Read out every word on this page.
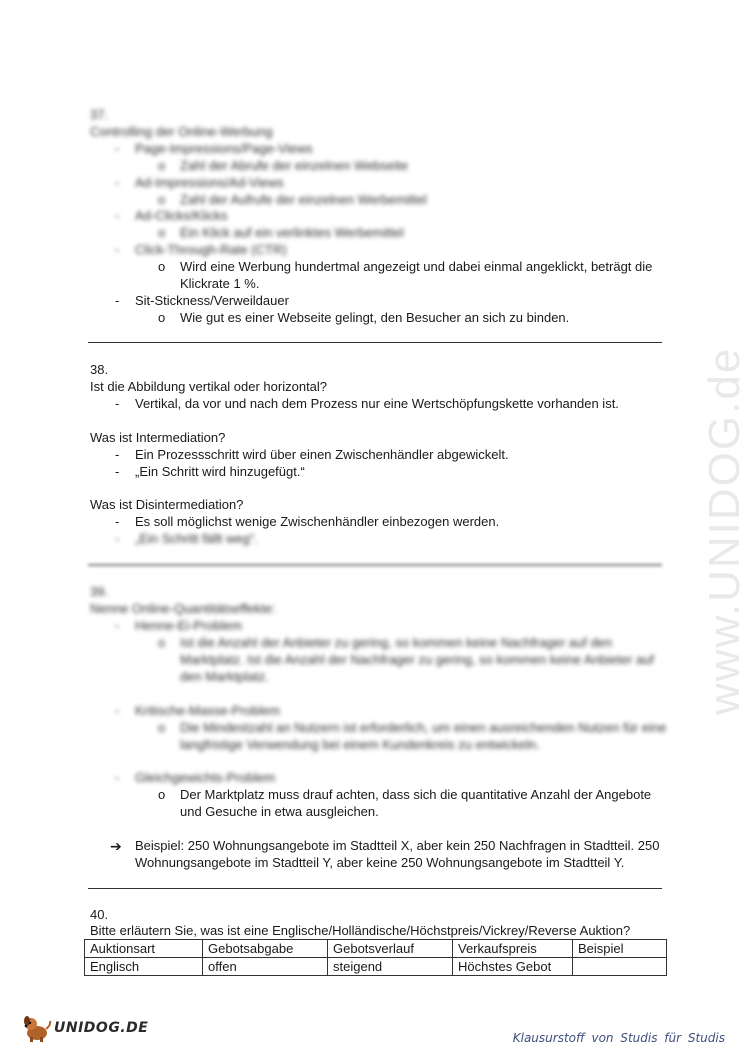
www.UNIDOG.de
37.
Controlling der Online-Werbung
- Page-Impressions/Page-Views
o Zahl der Abrufe der einzelnen Webseite
- Ad-Impressions/Ad-Views
o Zahl der Aufrufe der einzelnen Werbemittel
- Ad-Clicks/Klicks
o Ein Klick auf ein verlinktes Werbemittel
- Click-Through-Rate (CTR)
o Wird eine Werbung hundertmal angezeigt und dabei einmal angeklickt, beträgt die
Klickrate 1 %.
- Sit-Stickness/Verweildauer
o Wie gut es einer Webseite gelingt, den Besucher an sich zu binden.
38.
Ist die Abbildung vertikal oder horizontal?
- Vertikal, da vor und nach dem Prozess nur eine Wertschöpfungskette vorhanden ist.
Was ist Intermediation?
- Ein Prozessschritt wird über einen Zwischenhändler abgewickelt.
- „Ein Schritt wird hinzugefügt.“
Was ist Disintermediation?
- Es soll möglichst wenige Zwischenhändler einbezogen werden.
- „Ein Schritt fällt weg“.
39.
Nenne Online-Quantitätseffekte:
- Henne-Ei-Problem
o Ist die Anzahl der Anbieter zu gering, so kommen keine Nachfrager auf den
Marktplatz. Ist die Anzahl der Nachfrager zu gering, so kommen keine Anbieter auf
den Marktplatz.
- Kritische-Masse-Problem
o Die Mindestzahl an Nutzern ist erforderlich, um einen ausreichenden Nutzen für eine
langfristige Verwendung bei einem Kundenkreis zu entwickeln.
- Gleichgewichts-Problem
o Der Marktplatz muss drauf achten, dass sich die quantitative Anzahl der Angebote
und Gesuche in etwa ausgleichen.
➔ Beispiel: 250 Wohnungsangebote im Stadtteil X, aber kein 250 Nachfragen in Stadtteil. 250
Wohnungsangebote im Stadtteil Y, aber keine 250 Wohnungsangebote im Stadtteil Y.
40.
Bitte erläutern Sie, was ist eine Englische/Holländische/Höchstpreis/Vickrey/Reverse Auktion?
Auktionsart	Gebotsabgabe	Gebotsverlauf	Verkaufspreis	Beispiel
Englisch	offen	steigend	Höchstes Gebot	
UNIDOG.DE
Klausurstoff von Studis für Studis
